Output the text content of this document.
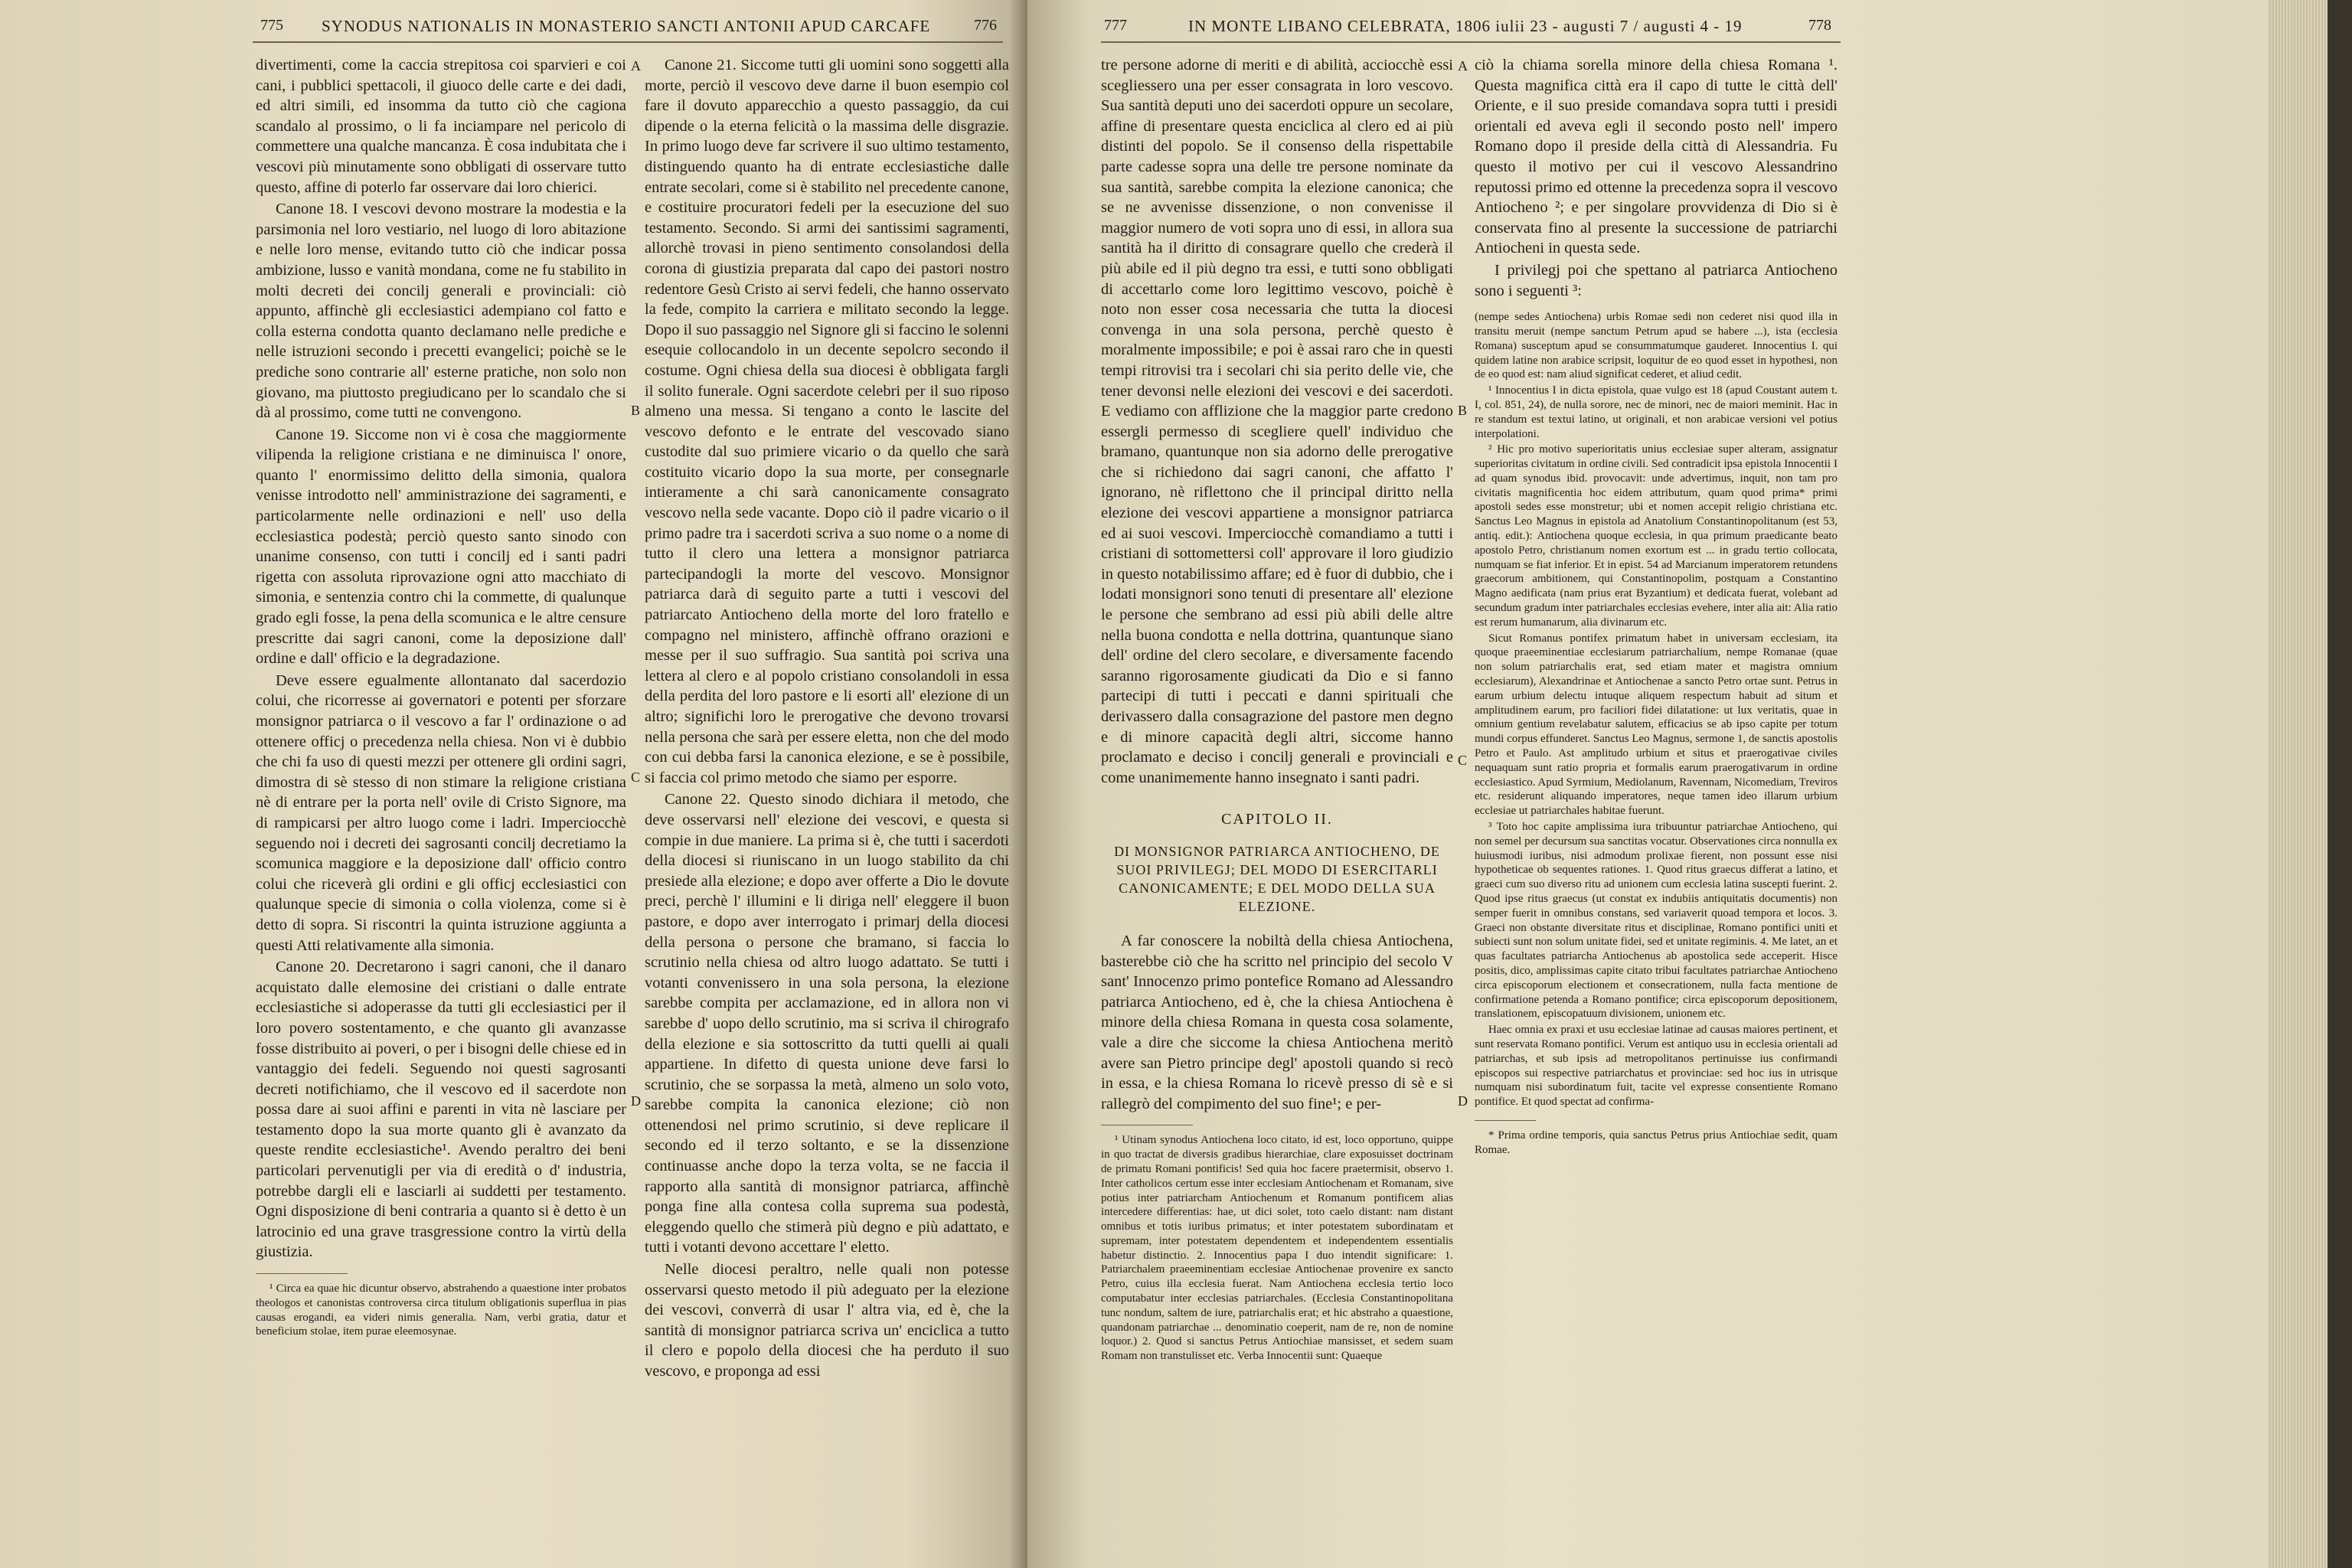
775 SYNODUS NATIONALIS IN MONASTERIO SANCTI ANTONII APUD CARCAFE	776

divertimenti, come la caccia strepitosa coi sparvieri e coi cani, i pubblici spettacoli, il giuoco delle carte e dei dadi, ed altri simili, ed insomma da tutto ciò che cagiona scandalo al prossimo, o li fa inciampare nel pericolo di commettere una qualche mancanza. È cosa indubitata che i vescovi più minutamente sono obbligati di osservare tutto questo, affine di poterlo far osservare dai loro chierici.

Canone 18. I vescovi devono mostrare la modestia e la parsimonia nel loro vestiario, nel luogo di loro abitazione e nelle loro mense, evitando tutto ciò che indicar possa ambizione, lusso e vanità mondana, come ne fu stabilito in molti decreti dei concilj generali e provinciali: ciò appunto, affinchè gli ecclesiastici adempiano col fatto e colla esterna condotta quanto declamano nelle prediche e nelle istruzioni secondo i precetti evangelici; poichè se le prediche sono contrarie all' esterne pratiche, non solo non giovano, ma piuttosto pregiudicano per lo scandalo che si dà al prossimo, come tutti ne convengono.

Canone 19. Siccome non vi è cosa che maggiormente vilipenda la religione cristiana e ne diminuisca l' onore, quanto l' enormissimo delitto della simonia, qualora venisse introdotto nell' amministrazione dei sagramenti, e particolarmente nelle ordinazioni e nell' uso della ecclesiastica podestà; perciò questo santo sinodo con unanime consenso, con tutti i concilj ed i santi padri rigetta con assoluta riprovazione ogni atto macchiato di simonia, e sentenzia contro chi la commette, di qualunque grado egli fosse, la pena della scomunica e le altre censure prescritte dai sagri canoni, come la deposizione dall' ordine e dall' officio e la degradazione.

Deve essere egualmente allontanato dal sacerdozio colui, che ricorresse ai governatori e potenti per sforzare monsignor patriarca o il vescovo a far l' ordinazione o ad ottenere officj o precedenza nella chiesa. Non vi è dubbio che chi fa uso di questi mezzi per ottenere gli ordini sagri, dimostra di sè stesso di non stimare la religione cristiana nè di entrare per la porta nell' ovile di Cristo Signore, ma di rampicarsi per altro luogo come i ladri. Imperciocchè seguendo noi i decreti dei sagrosanti concilj decretiamo la scomunica maggiore e la deposizione dall' officio contro colui che riceverà gli ordini e gli officj ecclesiastici con qualunque specie di simonia o colla violenza, come si è detto di sopra. Si riscontri la quinta istruzione aggiunta a questi Atti relativamente alla simonia.

Canone 20. Decretarono i sagri canoni, che il danaro acquistato dalle elemosine dei cristiani o dalle entrate ecclesiastiche si adoperasse da tutti gli ecclesiastici per il loro povero sostentamento, e che quanto gli avanzasse fosse distribuito ai poveri, o per i bisogni delle chiese ed in vantaggio dei fedeli. Seguendo noi questi sagrosanti decreti notifichiamo, che il vescovo ed il sacerdote non possa dare ai suoi affini e parenti in vita nè lasciare per testamento dopo la sua morte quanto gli è avanzato da queste rendite ecclesiastiche¹. Avendo peraltro dei beni particolari pervenutigli per via di eredità o d' industria, potrebbe dargli eli e lasciarli ai suddetti per testamento. Ogni disposizione di beni contraria a quanto si è detto è un latrocinio ed una grave trasgressione contro la virtù della giustizia.

¹ Circa ea quae hic dicuntur observo, abstrahendo a quaestione inter probatos theologos et canonistas controversa circa titulum obligationis superflua in pias causas erogandi, ea videri nimis generalia. Nam, verbi gratia, datur et beneficium stolae, item purae eleemosynae.

A
B
C
D

Canone 21. Siccome tutti gli uomini sono soggetti alla morte, perciò il vescovo deve darne il buon esempio col fare il dovuto apparecchio a questo passaggio, da cui dipende o la eterna felicità o la massima delle disgrazie. In primo luogo deve far scrivere il suo ultimo testamento, distinguendo quanto ha di entrate ecclesiastiche dalle entrate secolari, come si è stabilito nel precedente canone, e costituire procuratori fedeli per la esecuzione del suo testamento. Secondo. Si armi dei santissimi sagramenti, allorchè trovasi in pieno sentimento consolandosi della corona di giustizia preparata dal capo dei pastori nostro redentore Gesù Cristo ai servi fedeli, che hanno osservato la fede, compito la carriera e militato secondo la legge. Dopo il suo passaggio nel Signore gli si faccino le solenni esequie collocandolo in un decente sepolcro secondo il costume. Ogni chiesa della sua diocesi è obbligata fargli il solito funerale. Ogni sacerdote celebri per il suo riposo almeno una messa. Si tengano a conto le lascite del vescovo defonto e le entrate del vescovado siano custodite dal suo primiere vicario o da quello che sarà costituito vicario dopo la sua morte, per consegnarle intieramente a chi sarà canonicamente consagrato vescovo nella sede vacante. Dopo ciò il padre vicario o il primo padre tra i sacerdoti scriva a suo nome o a nome di tutto il clero una lettera a monsignor patriarca partecipandogli la morte del vescovo. Monsignor patriarca darà di seguito parte a tutti i vescovi del patriarcato Antiocheno della morte del loro fratello e compagno nel ministero, affinchè offrano orazioni e messe per il suo suffragio. Sua santità poi scriva una lettera al clero e al popolo cristiano consolandoli in essa della perdita del loro pastore e li esorti all' elezione di un altro; significhi loro le prerogative che devono trovarsi nella persona che sarà per essere eletta, non che del modo con cui debba farsi la canonica elezione, e se è possibile, si faccia col primo metodo che siamo per esporre.

Canone 22. Questo sinodo dichiara il metodo, che deve osservarsi nell' elezione dei vescovi, e questa si compie in due maniere. La prima si è, che tutti i sacerdoti della diocesi si riuniscano in un luogo stabilito da chi presiede alla elezione; e dopo aver offerte a Dio le dovute preci, perchè l' illumini e li diriga nell' eleggere il buon pastore, e dopo aver interrogato i primarj della diocesi della persona o persone che bramano, si faccia lo scrutinio nella chiesa od altro luogo adattato. Se tutti i votanti convenissero in una sola persona, la elezione sarebbe compita per acclamazione, ed in allora non vi sarebbe d' uopo dello scrutinio, ma si scriva il chirografo della elezione e sia sottoscritto da tutti quelli ai quali appartiene. In difetto di questa unione deve farsi lo scrutinio, che se sorpassa la metà, almeno un solo voto, sarebbe compita la canonica elezione; ciò non ottenendosi nel primo scrutinio, si deve replicare il secondo ed il terzo soltanto, e se la dissenzione continuasse anche dopo la terza volta, se ne faccia il rapporto alla santità di monsignor patriarca, affinchè ponga fine alla contesa colla suprema sua podestà, eleggendo quello che stimerà più degno e più adattato, e tutti i votanti devono accettare l' eletto.

Nelle diocesi peraltro, nelle quali non potesse osservarsi questo metodo il più adeguato per la elezione dei vescovi, converrà di usar l' altra via, ed è, che la santità di monsignor patriarca scriva un' enciclica a tutto il clero e popolo della diocesi che ha perduto il suo vescovo, e proponga ad essi

777	IN MONTE LIBANO CELEBRATA, 1806 iulii 23 - augusti 7 / augusti 4 - 19	778

tre persone adorne di meriti e di abilità, acciocchè essi scegliessero una per esser consagrata in loro vescovo. Sua santità deputi uno dei sacerdoti oppure un secolare, affine di presentare questa enciclica al clero ed ai più distinti del popolo. Se il consenso della rispettabile parte cadesse sopra una delle tre persone nominate da sua santità, sarebbe compita la elezione canonica; che se ne avvenisse dissenzione, o non convenisse il maggior numero de voti sopra uno di essi, in allora sua santità ha il diritto di consagrare quello che crederà il più abile ed il più degno tra essi, e tutti sono obbligati di accettarlo come loro legittimo vescovo, poichè è noto non esser cosa necessaria che tutta la diocesi convenga in una sola persona, perchè questo è moralmente impossibile; e poi è assai raro che in questi tempi ritrovisi tra i secolari chi sia perito delle vie, che tener devonsi nelle elezioni dei vescovi e dei sacerdoti. E vediamo con afflizione che la maggior parte credono essergli permesso di scegliere quell' individuo che bramano, quantunque non sia adorno delle prerogative che si richiedono dai sagri canoni, che affatto l' ignorano, nè riflettono che il principal diritto nella elezione dei vescovi appartiene a monsignor patriarca ed ai suoi vescovi. Imperciocchè comandiamo a tutti i cristiani di sottomettersi coll' approvare il loro giudizio in questo notabilissimo affare; ed è fuor di dubbio, che i lodati monsignori sono tenuti di presentare all' elezione le persone che sembrano ad essi più abili delle altre nella buona condotta e nella dottrina, quantunque siano dell' ordine del clero secolare, e diversamente facendo saranno rigorosamente giudicati da Dio e si fanno partecipi di tutti i peccati e danni spirituali che derivassero dalla consagrazione del pastore men degno e di minore capacità degli altri, siccome hanno proclamato e deciso i concilj generali e provinciali e come unanimemente hanno insegnato i santi padri.

CAPITOLO II.
DI MONSIGNOR PATRIARCA ANTIOCHENO, DE SUOI PRIVILEGJ; DEL MODO DI ESERCITARLI CANONICAMENTE; E DEL MODO DELLA SUA ELEZIONE.

A far conoscere la nobiltà della chiesa Antiochena, basterebbe ciò che ha scritto nel principio del secolo V sant' Innocenzo primo pontefice Romano ad Alessandro patriarca Antiocheno, ed è, che la chiesa Antiochena è minore della chiesa Romana in questa cosa solamente, vale a dire che siccome la chiesa Antiochena meritò avere san Pietro principe degl' apostoli quando si recò in essa, e la chiesa Romana lo ricevè presso di sè e si rallegrò del compimento del suo fine¹; e per-

¹ Utinam synodus Antiochena loco citato, id est, loco opportuno, quippe in quo tractat de diversis gradibus hierarchiae, clare exposuisset doctrinam de primatu Romani pontificis! Sed quia hoc facere praetermisit, observo 1. Inter catholicos certum esse inter ecclesiam Antiochenam et Romanam, sive potius inter patriarcham Antiochenum et Romanum pontificem alias intercedere differentias: hae, ut dici solet, toto caelo distant: nam distant omnibus et totis iuribus primatus; et inter potestatem subordinatam et supremam, inter potestatem dependentem et independentem essentialis habetur distinctio. 2. Innocentius papa I duo intendit significare: 1. Patriarchalem praeeminentiam ecclesiae Antiochenae provenire ex sancto Petro, cuius illa ecclesia fuerat. Nam Antiochena ecclesia tertio loco computabatur inter ecclesias patriarchales. (Ecclesia Constantinopolitana tunc nondum, saltem de iure, patriarchalis erat; et hic abstraho a quaestione, quandonam patriarchae ... denominatio coeperit, nam de re, non de nomine loquor.) 2. Quod si sanctus Petrus Antiochiae mansisset, et sedem suam Romam non transtulisset etc. Verba Innocentii sunt: Quaeque

A
B
C
D

ciò la chiama sorella minore della chiesa Romana ¹. Questa magnifica città era il capo di tutte le città dell' Oriente, e il suo preside comandava sopra tutti i presidi orientali ed aveva egli il secondo posto nell' impero Romano dopo il preside della città di Alessandria. Fu questo il motivo per cui il vescovo Alessandrino reputossi primo ed ottenne la precedenza sopra il vescovo Antiocheno ²; e per singolare provvidenza di Dio si è conservata fino al presente la successione de patriarchi Antiocheni in questa sede.

I privilegj poi che spettano al patriarca Antiocheno sono i seguenti ³:

(nempe sedes Antiochena) urbis Romae sedi non cederet nisi quod illa in transitu meruit (nempe sanctum Petrum apud se habere ...), ista (ecclesia Romana) susceptum apud se consummatumque gauderet. Innocentius I. qui quidem latine non arabice scripsit, loquitur de eo quod esset in hypothesi, non de eo quod est: nam aliud significat cederet, et aliud cedit.

¹ Innocentius I in dicta epistola, quae vulgo est 18 (apud Coustant autem t. I, col. 851, 24), de nulla sorore, nec de minori, nec de maiori meminit. Hac in re standum est textui latino, ut originali, et non arabicae versioni vel potius interpolationi.

² Hic pro motivo superioritatis unius ecclesiae super alteram, assignatur superioritas civitatum in ordine civili. Sed contradicit ipsa epistola Innocentii I ad quam synodus ibid. provocavit: unde advertimus, inquit, non tam pro civitatis magnificentia hoc eidem attributum, quam quod prima* primi apostoli sedes esse monstretur; ubi et nomen accepit religio christiana etc. Sanctus Leo Magnus in epistola ad Anatolium Constantinopolitanum (est 53, antiq. edit.): Antiochena quoque ecclesia, in qua primum praedicante beato apostolo Petro, christianum nomen exortum est ... in gradu tertio collocata, numquam se fiat inferior. Et in epist. 54 ad Marcianum imperatorem retundens graecorum ambitionem, qui Constantinopolim, postquam a Constantino Magno aedificata (nam prius erat Byzantium) et dedicata fuerat, volebant ad secundum gradum inter patriarchales ecclesias evehere, inter alia ait: Alia ratio est rerum humanarum, alia divinarum etc.

Sicut Romanus pontifex primatum habet in universam ecclesiam, ita quoque praeeminentiae ecclesiarum patriarchalium, nempe Romanae (quae non solum patriarchalis erat, sed etiam mater et magistra omnium ecclesiarum), Alexandrinae et Antiochenae a sancto Petro ortae sunt. Petrus in earum urbium delectu intuque aliquem respectum habuit ad situm et amplitudinem earum, pro faciliori fidei dilatatione: ut lux veritatis, quae in omnium gentium revelabatur salutem, efficacius se ab ipso capite per totum mundi corpus effunderet. Sanctus Leo Magnus, sermone 1, de sanctis apostolis Petro et Paulo. Ast amplitudo urbium et situs et praerogativae civiles nequaquam sunt ratio propria et formalis earum praerogativarum in ordine ecclesiastico. Apud Syrmium, Mediolanum, Ravennam, Nicomediam, Treviros etc. residerunt aliquando imperatores, neque tamen ideo illarum urbium ecclesiae ut patriarchales habitae fuerunt.

³ Toto hoc capite amplissima iura tribuuntur patriarchae Antiocheno, qui non semel per decursum sua sanctitas vocatur. Observationes circa nonnulla ex huiusmodi iuribus, nisi admodum prolixae fierent, non possunt esse nisi hypotheticae ob sequentes rationes. 1. Quod ritus graecus differat a latino, et graeci cum suo diverso ritu ad unionem cum ecclesia latina suscepti fuerint. 2. Quod ipse ritus graecus (ut constat ex indubiis antiquitatis documentis) non semper fuerit in omnibus constans, sed variaverit quoad tempora et locos. 3. Graeci non obstante diversitate ritus et disciplinae, Romano pontifici uniti et subiecti sunt non solum unitate fidei, sed et unitate regiminis. 4. Me latet, an et quas facultates patriarcha Antiochenus ab apostolica sede acceperit. Hisce positis, dico, amplissimas capite citato tribui facultates patriarchae Antiocheno circa episcoporum electionem et consecrationem, nulla facta mentione de confirmatione petenda a Romano pontifice; circa episcoporum depositionem, translationem, episcopatuum divisionem, unionem etc.

Haec omnia ex praxi et usu ecclesiae latinae ad causas maiores pertinent, et sunt reservata Romano pontifici. Verum est antiquo usu in ecclesia orientali ad patriarchas, et sub ipsis ad metropolitanos pertinuisse ius confirmandi episcopos sui respective patriarchatus et provinciae: sed hoc ius in utrisque numquam nisi subordinatum fuit, tacite vel expresse consentiente Romano pontifice. Et quod spectat ad confirma-

* Prima ordine temporis, quia sanctus Petrus prius Antiochiae sedit, quam Romae.
